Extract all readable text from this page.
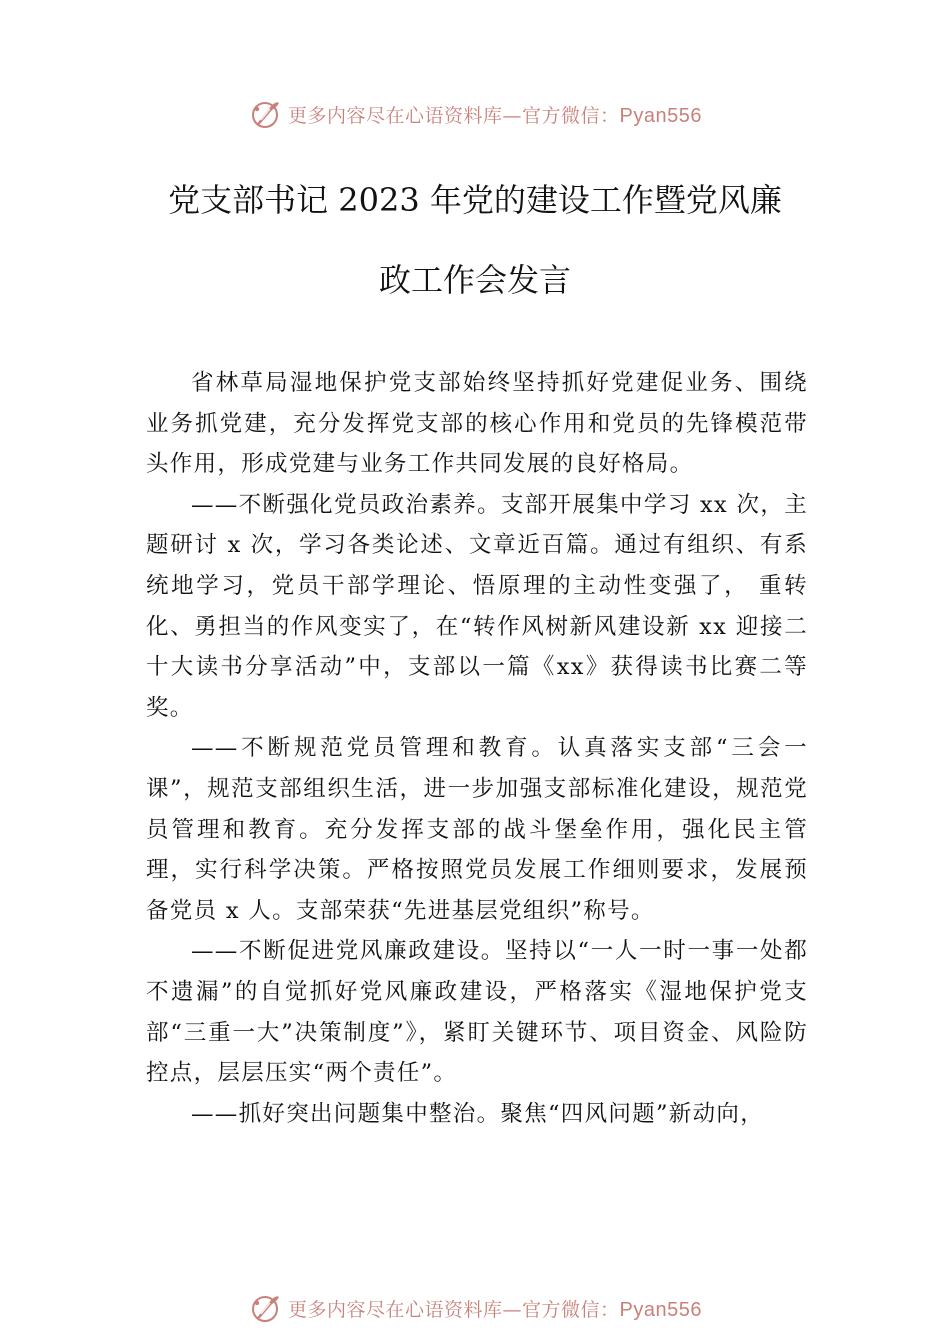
更多内容尽在心语资料库—官方微信：Pyan556
党支部书记 2023 年党的建设工作暨党风廉
政工作会发言

省林草局湿地保护党支部始终坚持抓好党建促业务、围绕业务抓党建，充分发挥党支部的核心作用和党员的先锋模范带头作用，形成党建与业务工作共同发展的良好格局。

——不断强化党员政治素养。支部开展集中学习 xx 次，主题研讨 x 次，学习各类论述、文章近百篇。通过有组织、有系统地学习，党员干部学理论、悟原理的主动性变强了， 重转化、勇担当的作风变实了，在“转作风树新风建设新 xx 迎接二十大读书分享活动”中，支部以一篇《xx》获得读书比赛二等奖。

——不断规范党员管理和教育。认真落实支部“三会一课”，规范支部组织生活，进一步加强支部标准化建设，规范党员管理和教育。充分发挥支部的战斗堡垒作用，强化民主管理，实行科学决策。严格按照党员发展工作细则要求，发展预备党员 x 人。支部荣获“先进基层党组织”称号。

——不断促进党风廉政建设。坚持以“一人一时一事一处都不遗漏”的自觉抓好党风廉政建设，严格落实《湿地保护党支部“三重一大”决策制度”》，紧盯关键环节、项目资金、风险防控点，层层压实“两个责任”。

——抓好突出问题集中整治。聚焦“四风问题”新动向，

更多内容尽在心语资料库—官方微信：Pyan556
